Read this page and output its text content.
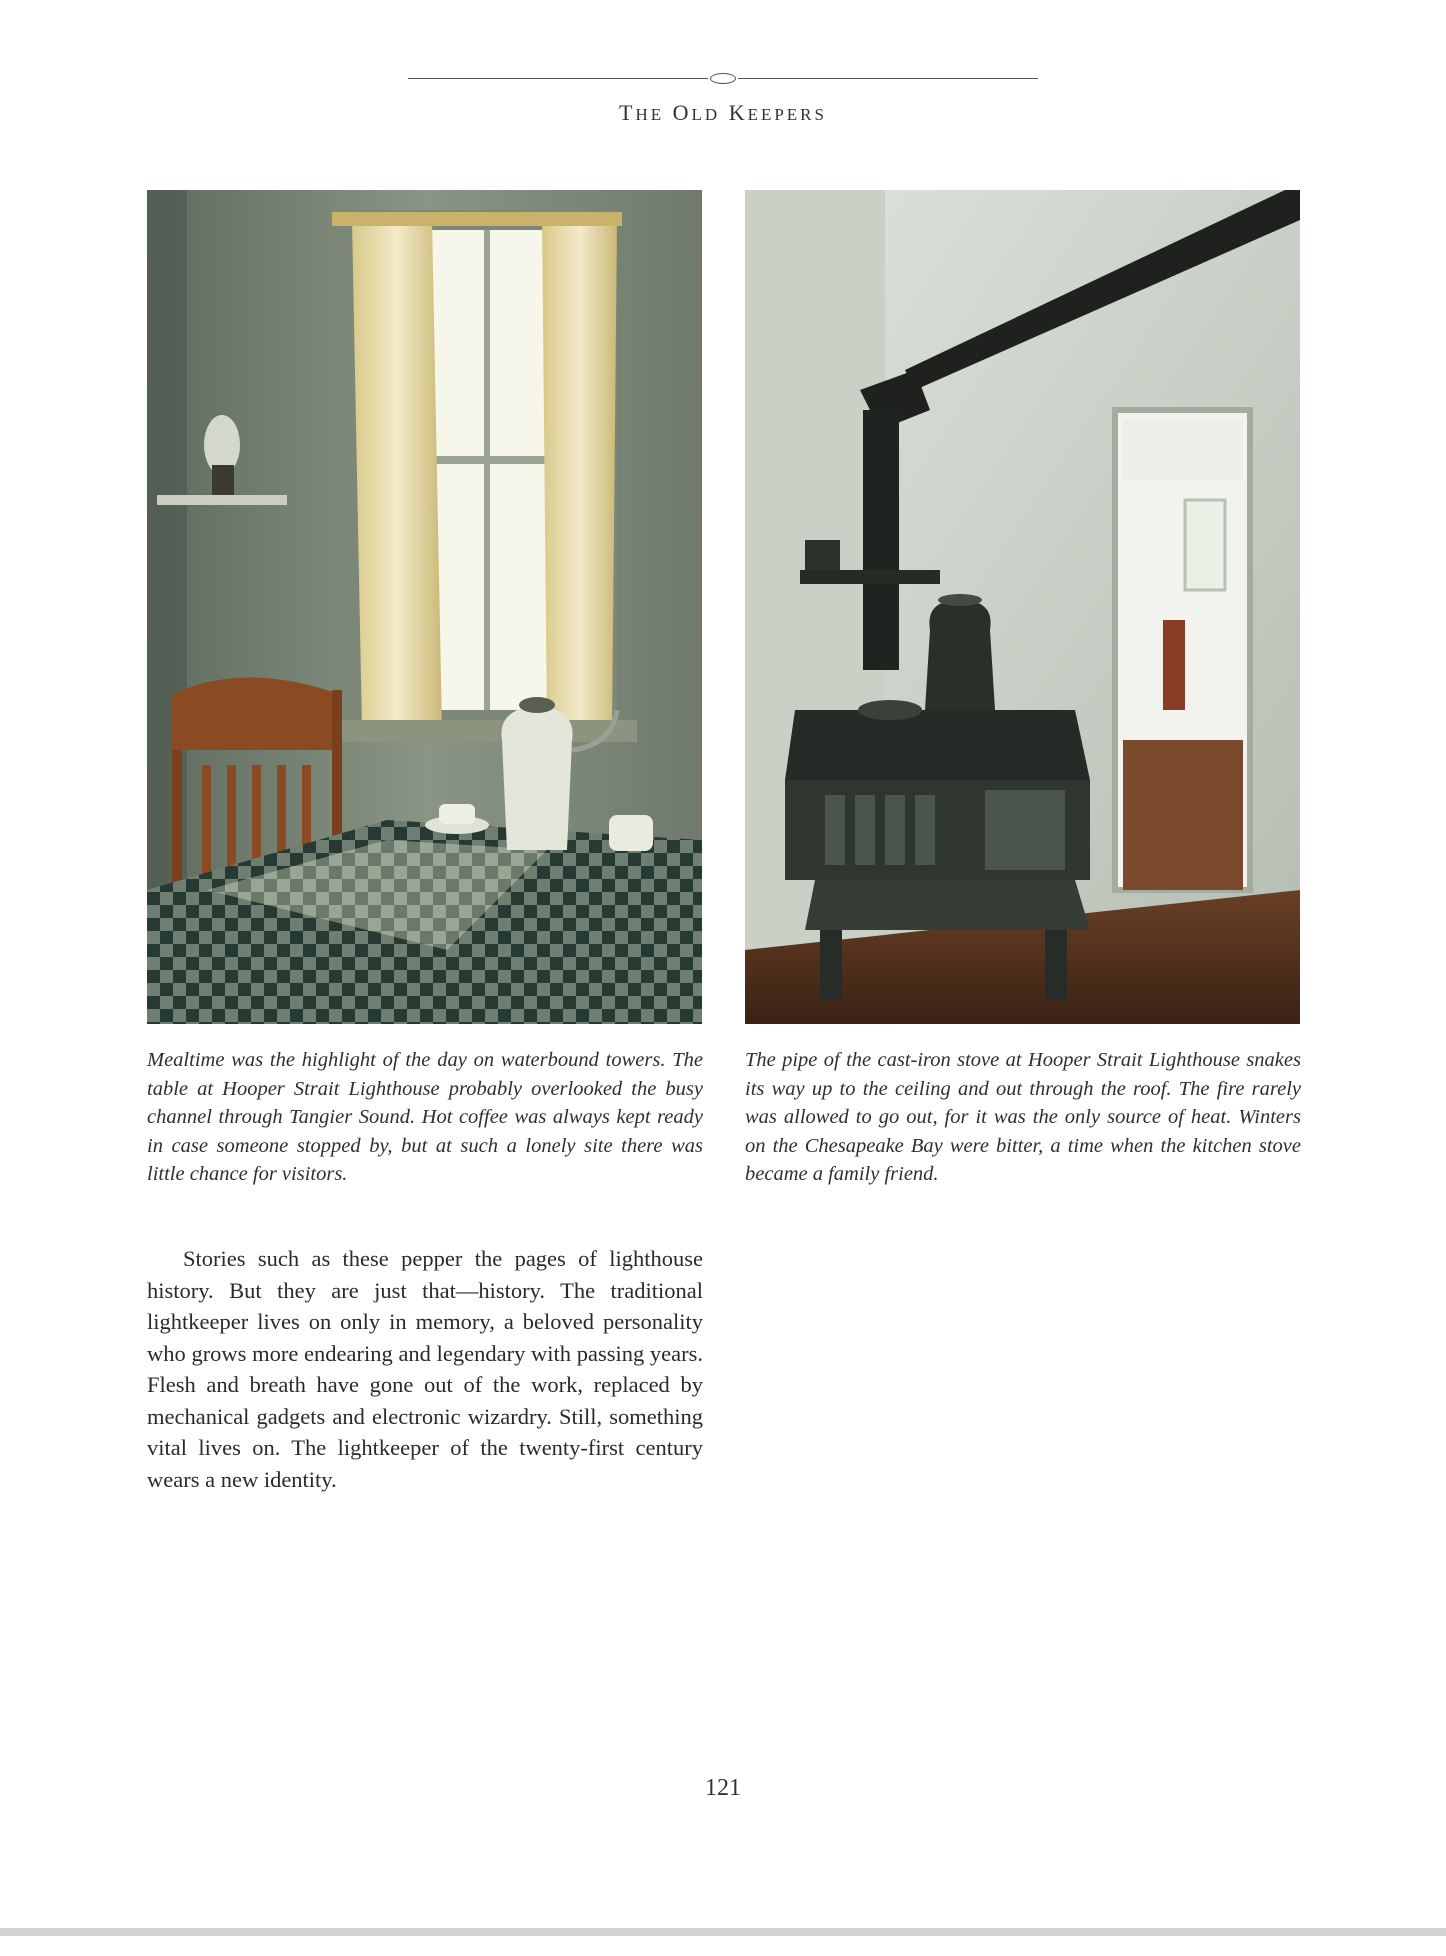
THE OLD KEEPERS
Mealtime was the highlight of the day on waterbound towers. The table at Hooper Strait Lighthouse probably overlooked the busy channel through Tangier Sound. Hot coffee was always kept ready in case someone stopped by, but at such a lonely site there was little chance for visitors.
The pipe of the cast-iron stove at Hooper Strait Lighthouse snakes its way up to the ceiling and out through the roof. The fire rarely was allowed to go out, for it was the only source of heat. Winters on the Chesapeake Bay were bitter, a time when the kitchen stove became a family friend.
Stories such as these pepper the pages of lighthouse history. But they are just that—history. The traditional lightkeeper lives on only in memory, a beloved personality who grows more endearing and legendary with passing years. Flesh and breath have gone out of the work, replaced by mechanical gadgets and electronic wizardry. Still, something vital lives on. The lightkeeper of the twenty-first century wears a new identity.
121
